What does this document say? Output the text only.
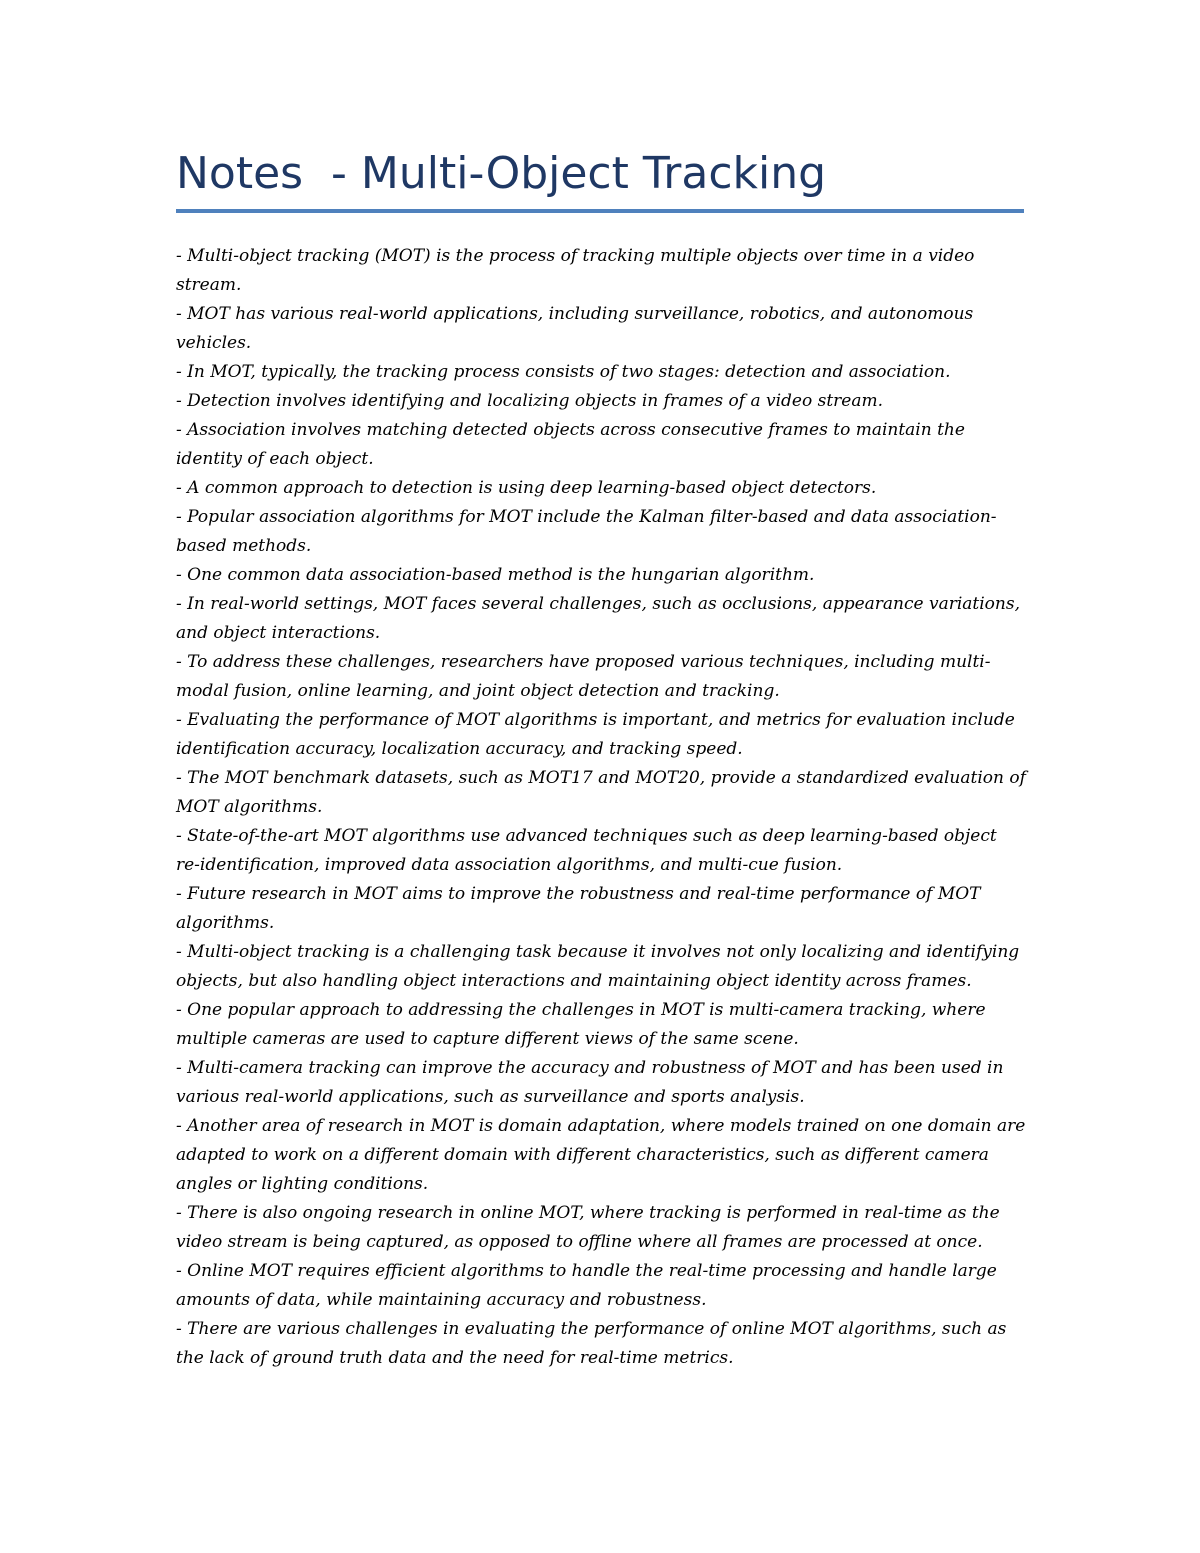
Notes  - Multi-Object Tracking
- Multi-object tracking (MOT) is the process of tracking multiple objects over time in a video stream.
- MOT has various real-world applications, including surveillance, robotics, and autonomous vehicles.
- In MOT, typically, the tracking process consists of two stages: detection and association.
- Detection involves identifying and localizing objects in frames of a video stream.
- Association involves matching detected objects across consecutive frames to maintain the identity of each object.
- A common approach to detection is using deep learning-based object detectors.
- Popular association algorithms for MOT include the Kalman filter-based and data association-based methods.
- One common data association-based method is the hungarian algorithm.
- In real-world settings, MOT faces several challenges, such as occlusions, appearance variations, and object interactions.
- To address these challenges, researchers have proposed various techniques, including multi-modal fusion, online learning, and joint object detection and tracking.
- Evaluating the performance of MOT algorithms is important, and metrics for evaluation include identification accuracy, localization accuracy, and tracking speed.
- The MOT benchmark datasets, such as MOT17 and MOT20, provide a standardized evaluation of MOT algorithms.
- State-of-the-art MOT algorithms use advanced techniques such as deep learning-based object re-identification, improved data association algorithms, and multi-cue fusion.
- Future research in MOT aims to improve the robustness and real-time performance of MOT algorithms.
- Multi-object tracking is a challenging task because it involves not only localizing and identifying objects, but also handling object interactions and maintaining object identity across frames.
- One popular approach to addressing the challenges in MOT is multi-camera tracking, where multiple cameras are used to capture different views of the same scene.
- Multi-camera tracking can improve the accuracy and robustness of MOT and has been used in various real-world applications, such as surveillance and sports analysis.
- Another area of research in MOT is domain adaptation, where models trained on one domain are adapted to work on a different domain with different characteristics, such as different camera angles or lighting conditions.
- There is also ongoing research in online MOT, where tracking is performed in real-time as the video stream is being captured, as opposed to offline where all frames are processed at once.
- Online MOT requires efficient algorithms to handle the real-time processing and handle large amounts of data, while maintaining accuracy and robustness.
- There are various challenges in evaluating the performance of online MOT algorithms, such as the lack of ground truth data and the need for real-time metrics.
